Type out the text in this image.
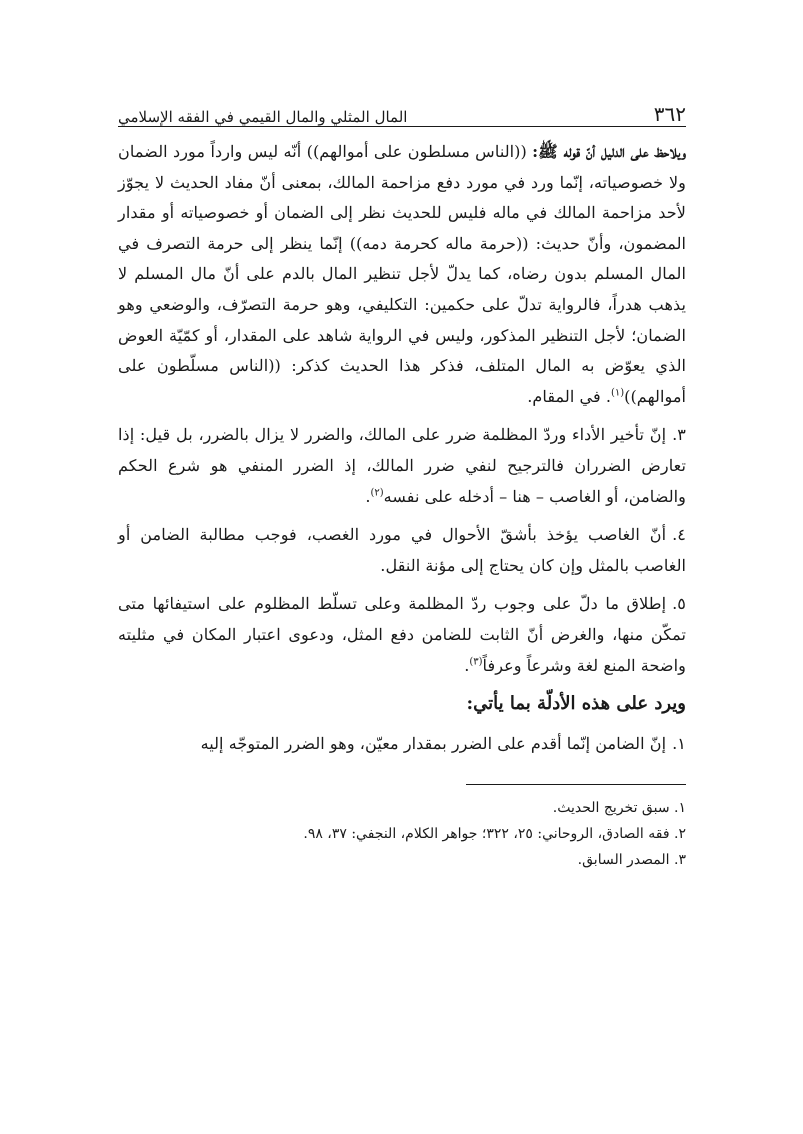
٣٦٢
المال المثلي والمال القيمي في الفقه الإسلامي

ويلاحظ على الدليل أنّ قوله ﷺ: ((الناس مسلطون على أموالهم)) أنّه ليس وارداً مورد الضمان ولا خصوصياته، إنّما ورد في مورد دفع مزاحمة المالك، بمعنى أنّ مفاد الحديث لا يجوّز لأحد مزاحمة المالك في ماله فليس للحديث نظر إلى الضمان أو خصوصياته أو مقدار المضمون، وأنّ حديث: ((حرمة ماله كحرمة دمه)) إنّما ينظر إلى حرمة التصرف في المال المسلم بدون رضاه، كما يدلّ لأجل تنظير المال بالدم على أنّ مال المسلم لا يذهب هدراً، فالرواية تدلّ على حكمين: التكليفي، وهو حرمة التصرّف، والوضعي وهو الضمان؛ لأجل التنظير المذكور، وليس في الرواية شاهد على المقدار، أو كمّيّة العوض الذي يعوّض به المال المتلف، فذكر هذا الحديث كذكر: ((الناس مسلّطون على أموالهم))$^{(١)}$. في المقام.

٣.إنّ تأخير الأداء وردّ المظلمة ضرر على المالك، والضرر لا يزال بالضرر، بل قيل: إذا تعارض الضرران فالترجيح لنفي ضرر المالك، إذ الضرر المنفي هو شرع الحكم والضامن، أو الغاصب – هنا – أدخله على نفسه$^{(٢)}$.

٤.أنّ الغاصب يؤخذ بأشقّ الأحوال في مورد الغصب، فوجب مطالبة الضامن أو الغاصب بالمثل وإن كان يحتاج إلى مؤنة النقل.

٥.إطلاق ما دلّ على وجوب ردّ المظلمة وعلى تسلّط المظلوم على استيفائها متى تمكّن منها، والغرض أنّ الثابت للضامن دفع المثل، ودعوى اعتبار المكان في مثليته واضحة المنع لغة وشرعاً وعرفاً$^{(٣)}$.

ويرد على هذه الأدلّة بما يأتي:

١.إنّ الضامن إنّما أقدم على الضرر بمقدار معيّن، وهو الضرر المتوجّه إليه

١. سبق تخريج الحديث.

٢. فقه الصادق، الروحاني: ٢٥، ٣٢٢؛ جواهر الكلام، النجفي: ٣٧، ٩٨.

٣. المصدر السابق.
